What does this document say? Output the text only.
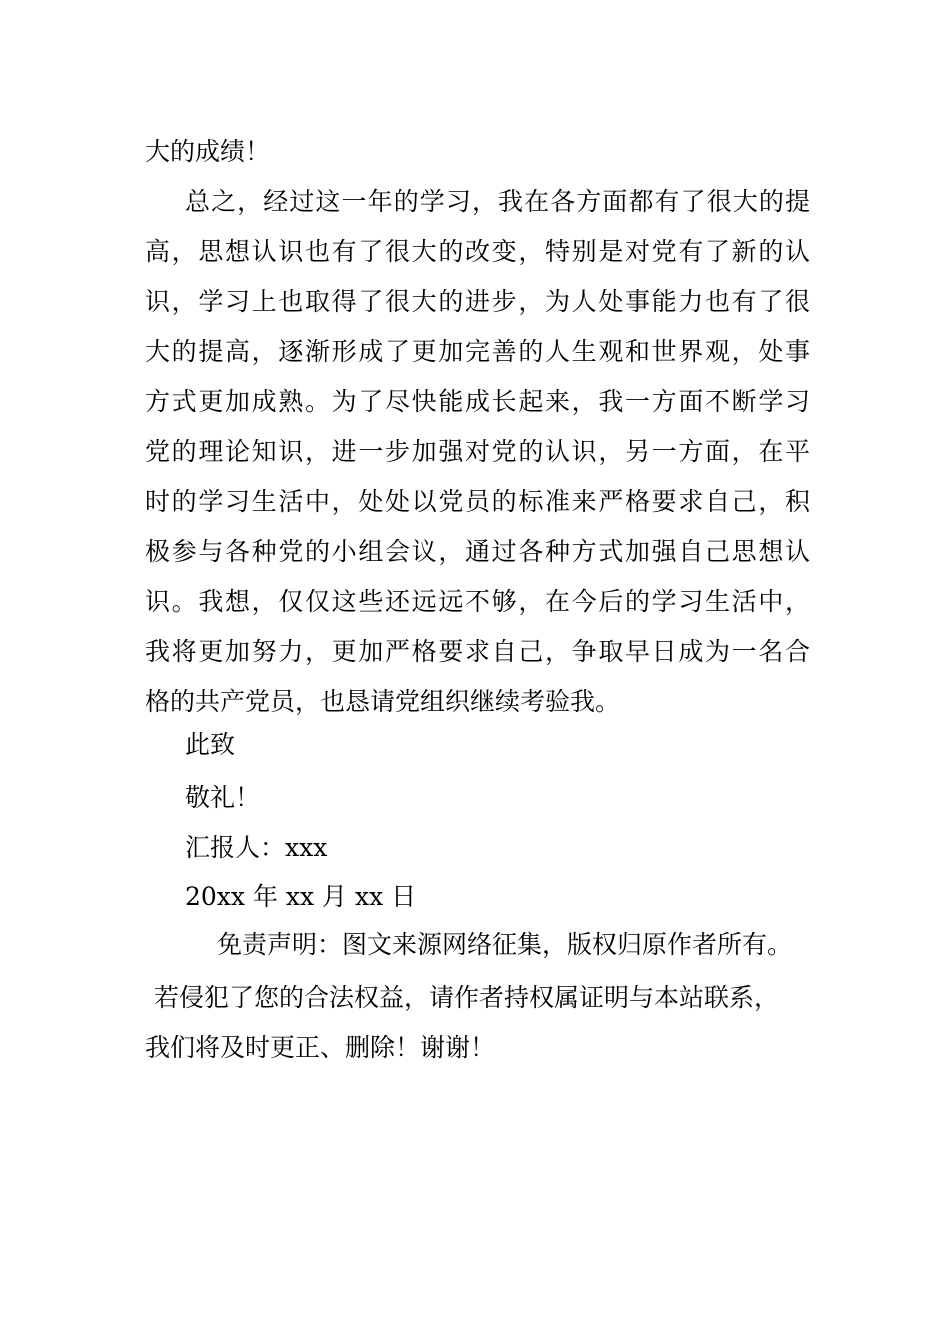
大的成绩！
总之，经过这一年的学习，我在各方面都有了很大的提
高，思想认识也有了很大的改变，特别是对党有了新的认
识，学习上也取得了很大的进步，为人处事能力也有了很
大的提高，逐渐形成了更加完善的人生观和世界观，处事
方式更加成熟。为了尽快能成长起来，我一方面不断学习
党的理论知识，进一步加强对党的认识，另一方面，在平
时的学习生活中，处处以党员的标准来严格要求自己，积
极参与各种党的小组会议，通过各种方式加强自己思想认
识。我想，仅仅这些还远远不够，在今后的学习生活中，
我将更加努力，更加严格要求自己，争取早日成为一名合
格的共产党员，也恳请党组织继续考验我。
此致
敬礼！
汇报人：xxx
20xx 年 xx 月 xx 日
免责声明：图文来源网络征集，版权归原作者所有。
若侵犯了您的合法权益，请作者持权属证明与本站联系，
我们将及时更正、删除！谢谢！
